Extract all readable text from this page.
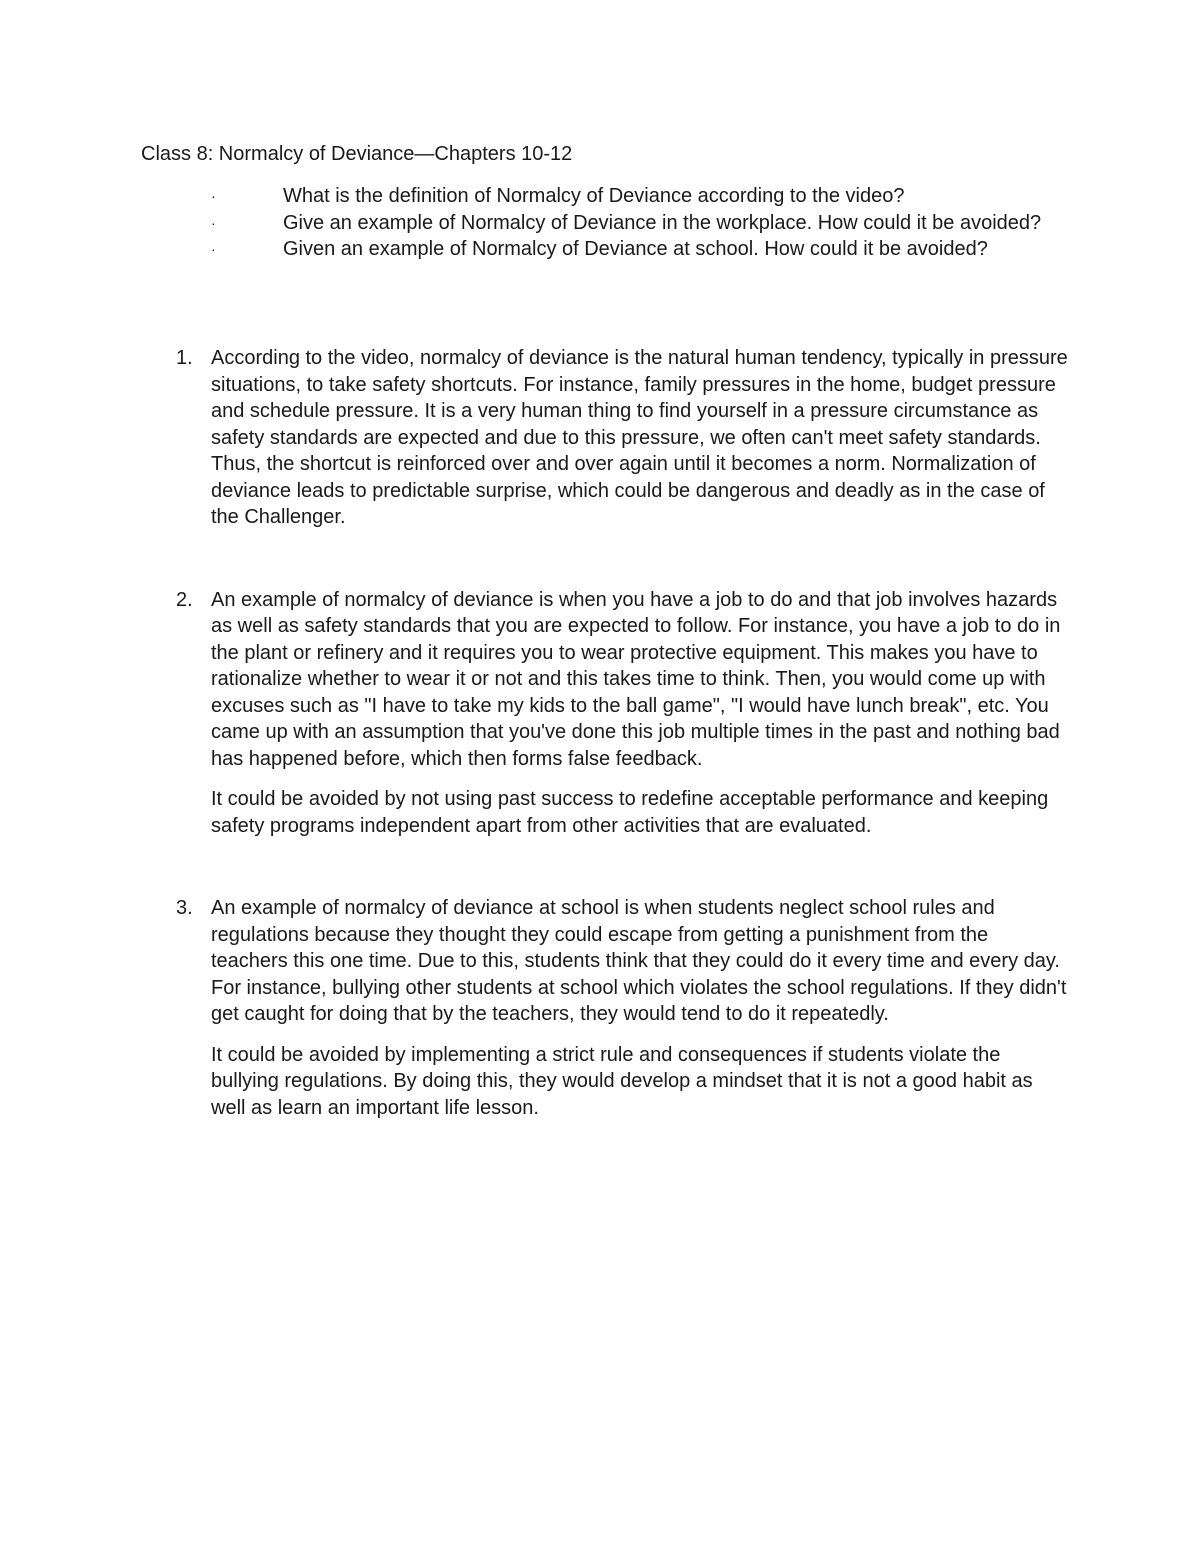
Class 8: Normalcy of Deviance—Chapters 10-12
·	What is the definition of Normalcy of Deviance according to the video?
·	Give an example of Normalcy of Deviance in the workplace. How could it be avoided?
·	Given an example of Normalcy of Deviance at school. How could it be avoided?
1. According to the video, normalcy of deviance is the natural human tendency, typically in pressure situations, to take safety shortcuts. For instance, family pressures in the home, budget pressure and schedule pressure. It is a very human thing to find yourself in a pressure circumstance as safety standards are expected and due to this pressure, we often can't meet safety standards. Thus, the shortcut is reinforced over and over again until it becomes a norm. Normalization of deviance leads to predictable surprise, which could be dangerous and deadly as in the case of the Challenger.

2. An example of normalcy of deviance is when you have a job to do and that job involves hazards as well as safety standards that you are expected to follow. For instance, you have a job to do in the plant or refinery and it requires you to wear protective equipment. This makes you have to rationalize whether to wear it or not and this takes time to think. Then, you would come up with excuses such as "I have to take my kids to the ball game", "I would have lunch break", etc. You came up with an assumption that you've done this job multiple times in the past and nothing bad has happened before, which then forms false feedback.

It could be avoided by not using past success to redefine acceptable performance and keeping safety programs independent apart from other activities that are evaluated.

3. An example of normalcy of deviance at school is when students neglect school rules and regulations because they thought they could escape from getting a punishment from the teachers this one time. Due to this, students think that they could do it every time and every day. For instance, bullying other students at school which violates the school regulations. If they didn't get caught for doing that by the teachers, they would tend to do it repeatedly.

It could be avoided by implementing a strict rule and consequences if students violate the bullying regulations. By doing this, they would develop a mindset that it is not a good habit as well as learn an important life lesson.
